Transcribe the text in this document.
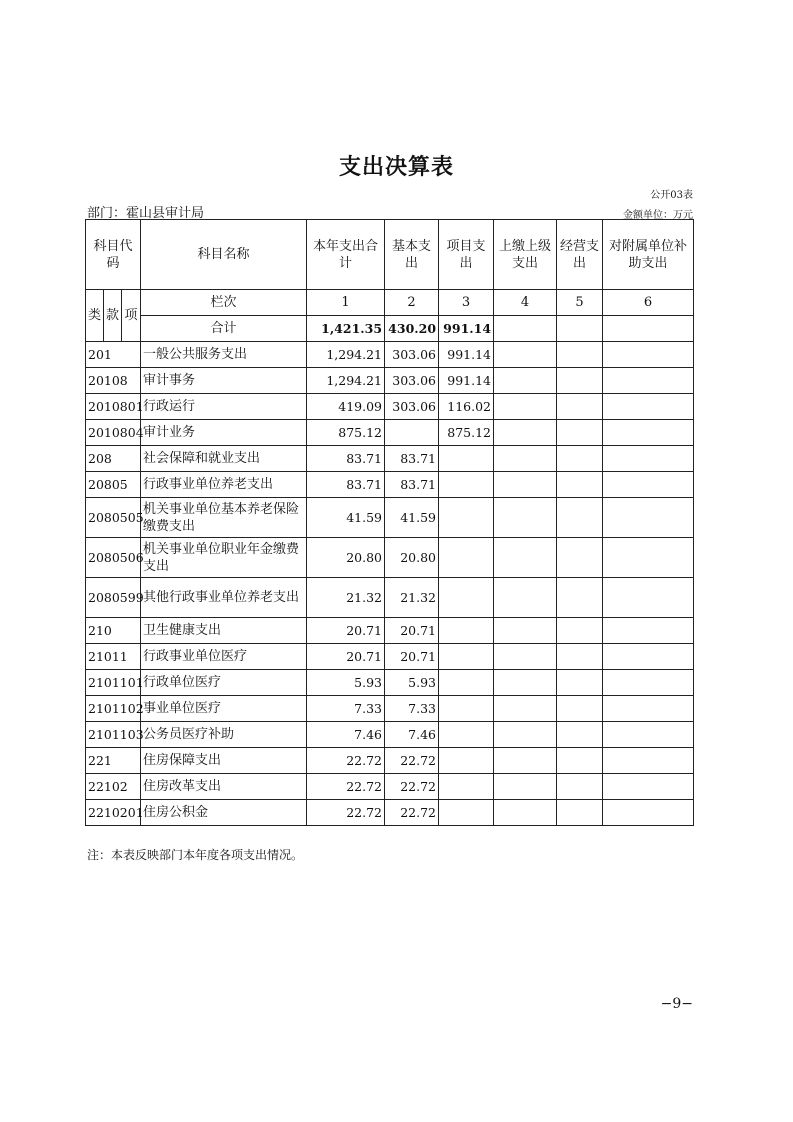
支出决算表
公开03表
部门：霍山县审计局	金额单位：万元
科目代码			科目名称	本年支出合计	基本支出	项目支出	上缴上级支出	经营支出	对附属单位补助支出
类	款	项	栏次	1	2	3	4	5	6
			合计	1,421.35	430.20	991.14			
201			一般公共服务支出	1,294.21	303.06	991.14			
20108			审计事务	1,294.21	303.06	991.14			
2010801			行政运行	419.09	303.06	116.02			
2010804			审计业务	875.12		875.12			
208			社会保障和就业支出	83.71	83.71				
20805			行政事业单位养老支出	83.71	83.71				
2080505			机关事业单位基本养老保险缴费支出	41.59	41.59				
2080506			机关事业单位职业年金缴费支出	20.80	20.80				
2080599			其他行政事业单位养老支出	21.32	21.32				
210			卫生健康支出	20.71	20.71				
21011			行政事业单位医疗	20.71	20.71				
2101101			行政单位医疗	5.93	5.93				
2101102			事业单位医疗	7.33	7.33				
2101103			公务员医疗补助	7.46	7.46				
221			住房保障支出	22.72	22.72				
22102			住房改革支出	22.72	22.72				
2210201			住房公积金	22.72	22.72				
注：本表反映部门本年度各项支出情况。
−9−
